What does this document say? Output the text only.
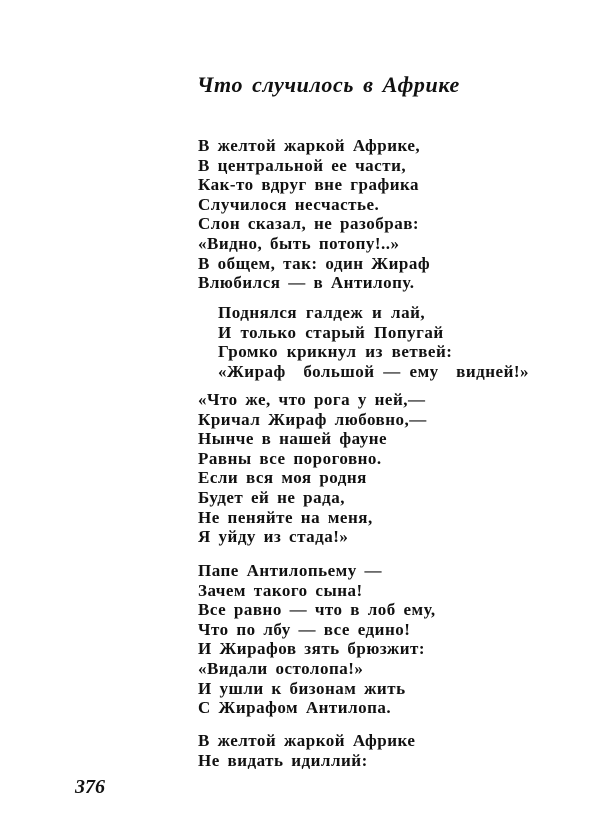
Что случилось в Африке
В желтой жаркой Африке,
В центральной ее части,
Как-то вдруг вне графика
Случилося несчастье.
Слон сказал, не разобрав:
«Видно, быть потопу!..»
В общем, так: один Жираф
Влюбился — в Антилопу.
Поднялся галдеж и лай,
И только старый Попугай
Громко крикнул из ветвей:
«Жираф  большой — ему  видней!»
«Что же, что рога у ней,—
Кричал Жираф любовно,—
Нынче в нашей фауне
Равны все пороговно.
Если вся моя родня
Будет ей не рада,
Не пеняйте на меня,
Я уйду из стада!»
Папе Антилопьему —
Зачем такого сына!
Все равно — что в лоб ему,
Что по лбу — все едино!
И Жирафов зять брюзжит:
«Видали остолопа!»
И ушли к бизонам жить
С Жирафом Антилопа.
В желтой жаркой Африке
Не видать идиллий:
376
